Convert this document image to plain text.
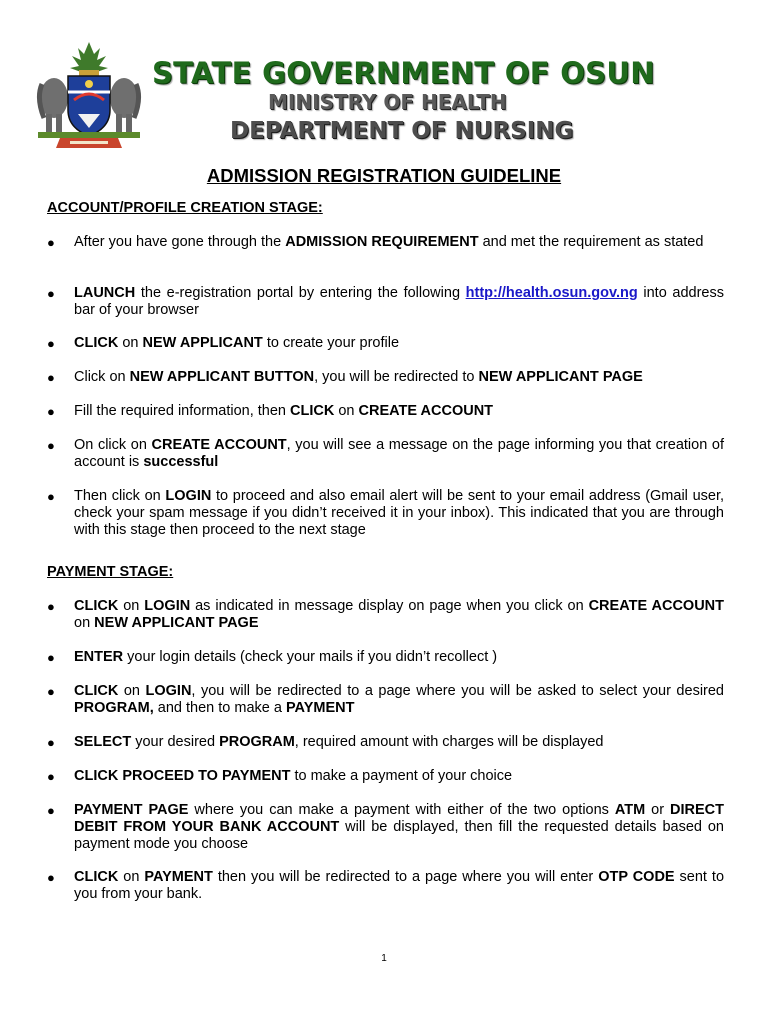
STATE GOVERNMENT OF OSUN
MINISTRY OF HEALTH
DEPARTMENT OF NURSING
ADMISSION REGISTRATION GUIDELINE
ACCOUNT/PROFILE CREATION STAGE:
● After you have gone through the ADMISSION REQUIREMENT and met the requirement as stated
● LAUNCH the e-registration portal by entering the following http://health.osun.gov.ng into address bar of your browser
● CLICK on NEW APPLICANT to create your profile
● Click on NEW APPLICANT BUTTON, you will be redirected to NEW APPLICANT PAGE
● Fill the required information, then CLICK on CREATE ACCOUNT
● On click on CREATE ACCOUNT, you will see a message on the page informing you that creation of account is successful
● Then click on LOGIN to proceed and also email alert will be sent to your email address (Gmail user, check your spam message if you didn’t received it in your inbox). This indicated that you are through with this stage then proceed to the next stage
PAYMENT STAGE:
● CLICK on LOGIN as indicated in message display on page when you click on CREATE ACCOUNT on NEW APPLICANT PAGE
● ENTER your login details (check your mails if you didn’t recollect )
● CLICK on LOGIN, you will be redirected to a page where you will be asked to select your desired PROGRAM, and then to make a PAYMENT
● SELECT your desired PROGRAM, required amount with charges will be displayed
● CLICK PROCEED TO PAYMENT to make a payment of your choice
● PAYMENT PAGE where you can make a payment with either of the two options ATM or DIRECT DEBIT FROM YOUR BANK ACCOUNT will be displayed, then fill the requested details based on payment mode you choose
● CLICK on PAYMENT then you will be redirected to a page where you will enter OTP CODE sent to you from your bank.
1
